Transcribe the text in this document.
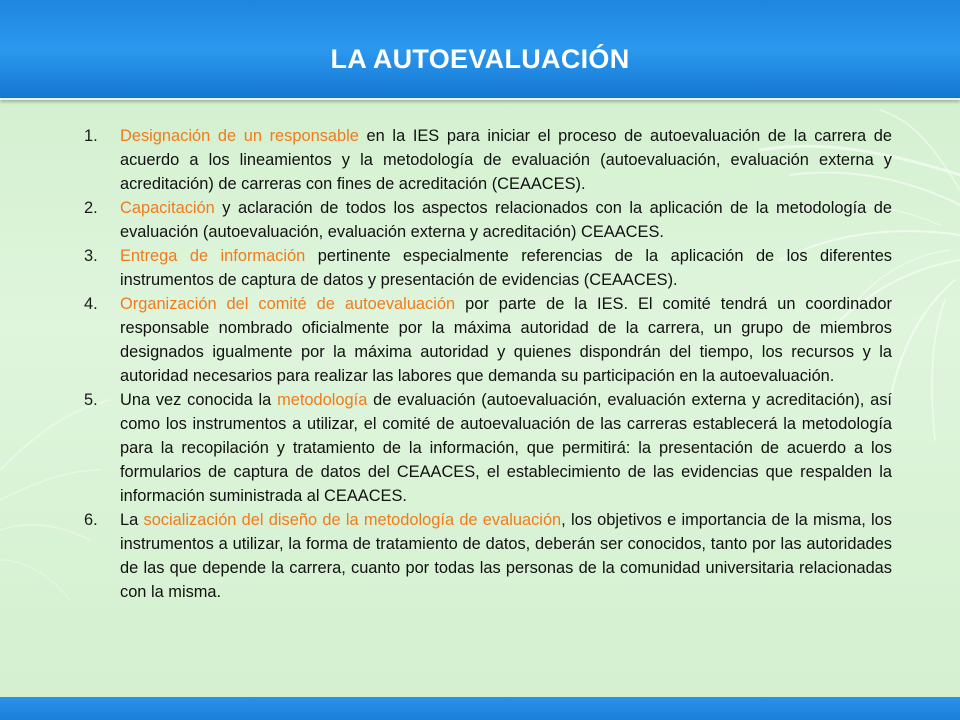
LA AUTOEVALUACIÓN
1. Designación de un responsable en la IES para iniciar el proceso de autoevaluación de la carrera de acuerdo a los lineamientos y la metodología de evaluación (autoevaluación, evaluación externa y acreditación) de carreras con fines de acreditación (CEAACES).
2. Capacitación y aclaración de todos los aspectos relacionados con la aplicación de la metodología de evaluación (autoevaluación, evaluación externa y acreditación) CEAACES.
3. Entrega de información pertinente especialmente referencias de la aplicación de los diferentes instrumentos de captura de datos y presentación de evidencias (CEAACES).
4. Organización del comité de autoevaluación por parte de la IES. El comité tendrá un coordinador responsable nombrado oficialmente por la máxima autoridad de la carrera, un grupo de miembros designados igualmente por la máxima autoridad y quienes dispondrán del tiempo, los recursos y la autoridad necesarios para realizar las labores que demanda su participación en la autoevaluación.
5. Una vez conocida la metodología de evaluación (autoevaluación, evaluación externa y acreditación), así como los instrumentos a utilizar, el comité de autoevaluación de las carreras establecerá la metodología para la recopilación y tratamiento de la información, que permitirá: la presentación de acuerdo a los formularios de captura de datos del CEAACES, el establecimiento de las evidencias que respalden la información suministrada al CEAACES.
6. La socialización del diseño de la metodología de evaluación, los objetivos e importancia de la misma, los instrumentos a utilizar, la forma de tratamiento de datos, deberán ser conocidos, tanto por las autoridades de las que depende la carrera, cuanto por todas las personas de la comunidad universitaria relacionadas con la misma.
